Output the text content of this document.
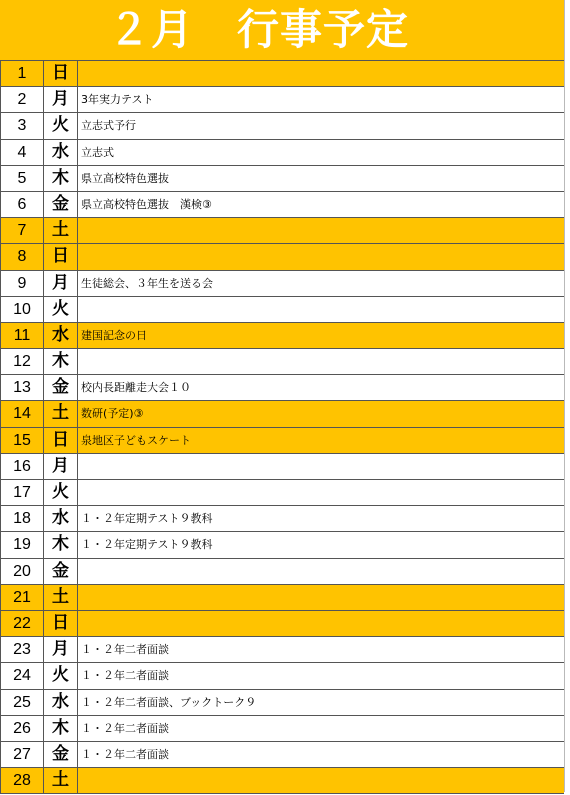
２月　行事予定
1	日
2	月	3年実力テスト
3	火	立志式予行
4	水	立志式
5	木	県立高校特色選抜
6	金	県立高校特色選抜　漢検③
7	土
8	日
9	月	生徒総会、３年生を送る会
10	火
11	水	建国記念の日
12	木
13	金	校内長距離走大会１０
14	土	数研(予定)③
15	日	泉地区子どもスケート
16	月
17	火
18	水	１・２年定期テスト９教科
19	木	１・２年定期テスト９教科
20	金
21	土
22	日
23	月	１・２年二者面談
24	火	１・２年二者面談
25	水	１・２年二者面談、ブックトーク９
26	木	１・２年二者面談
27	金	１・２年二者面談
28	土
